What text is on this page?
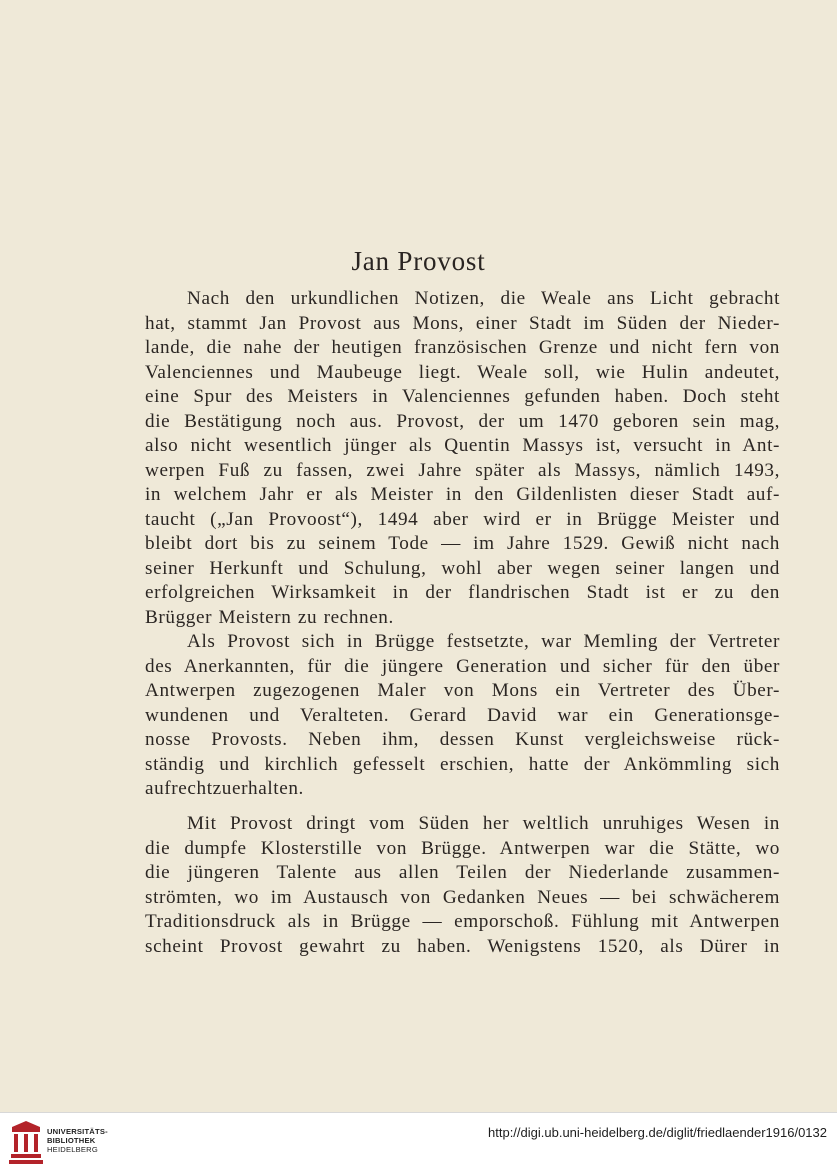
Jan Provost

Nach den urkundlichen Notizen, die Weale ans Licht gebracht
hat, stammt Jan Provost aus Mons, einer Stadt im Süden der Nieder-
lande, die nahe der heutigen französischen Grenze und nicht fern von
Valenciennes und Maubeuge liegt. Weale soll, wie Hulin andeutet,
eine Spur des Meisters in Valenciennes gefunden haben. Doch steht
die Bestätigung noch aus. Provost, der um 1470 geboren sein mag,
also nicht wesentlich jünger als Quentin Massys ist, versucht in Ant-
werpen Fuß zu fassen, zwei Jahre später als Massys, nämlich 1493,
in welchem Jahr er als Meister in den Gildenlisten dieser Stadt auf-
taucht („Jan Provoost“), 1494 aber wird er in Brügge Meister und
bleibt dort bis zu seinem Tode — im Jahre 1529. Gewiß nicht nach
seiner Herkunft und Schulung, wohl aber wegen seiner langen und
erfolgreichen Wirksamkeit in der flandrischen Stadt ist er zu den
Brügger Meistern zu rechnen.

Als Provost sich in Brügge festsetzte, war Memling der Vertreter
des Anerkannten, für die jüngere Generation und sicher für den über
Antwerpen zugezogenen Maler von Mons ein Vertreter des Über-
wundenen und Veralteten. Gerard David war ein Generationsge-
nosse Provosts. Neben ihm, dessen Kunst vergleichsweise rück-
ständig und kirchlich gefesselt erschien, hatte der Ankömmling sich
aufrechtzuerhalten.

Mit Provost dringt vom Süden her weltlich unruhiges Wesen in
die dumpfe Klosterstille von Brügge. Antwerpen war die Stätte, wo
die jüngeren Talente aus allen Teilen der Niederlande zusammen-
strömten, wo im Austausch von Gedanken Neues — bei schwächerem
Traditionsdruck als in Brügge — emporschoß. Fühlung mit Antwerpen
scheint Provost gewahrt zu haben. Wenigstens 1520, als Dürer in

UNIVERSITÄTS-
BIBLIOTHEK
HEIDELBERG
http://digi.ub.uni-heidelberg.de/diglit/friedlaender1916/0132
